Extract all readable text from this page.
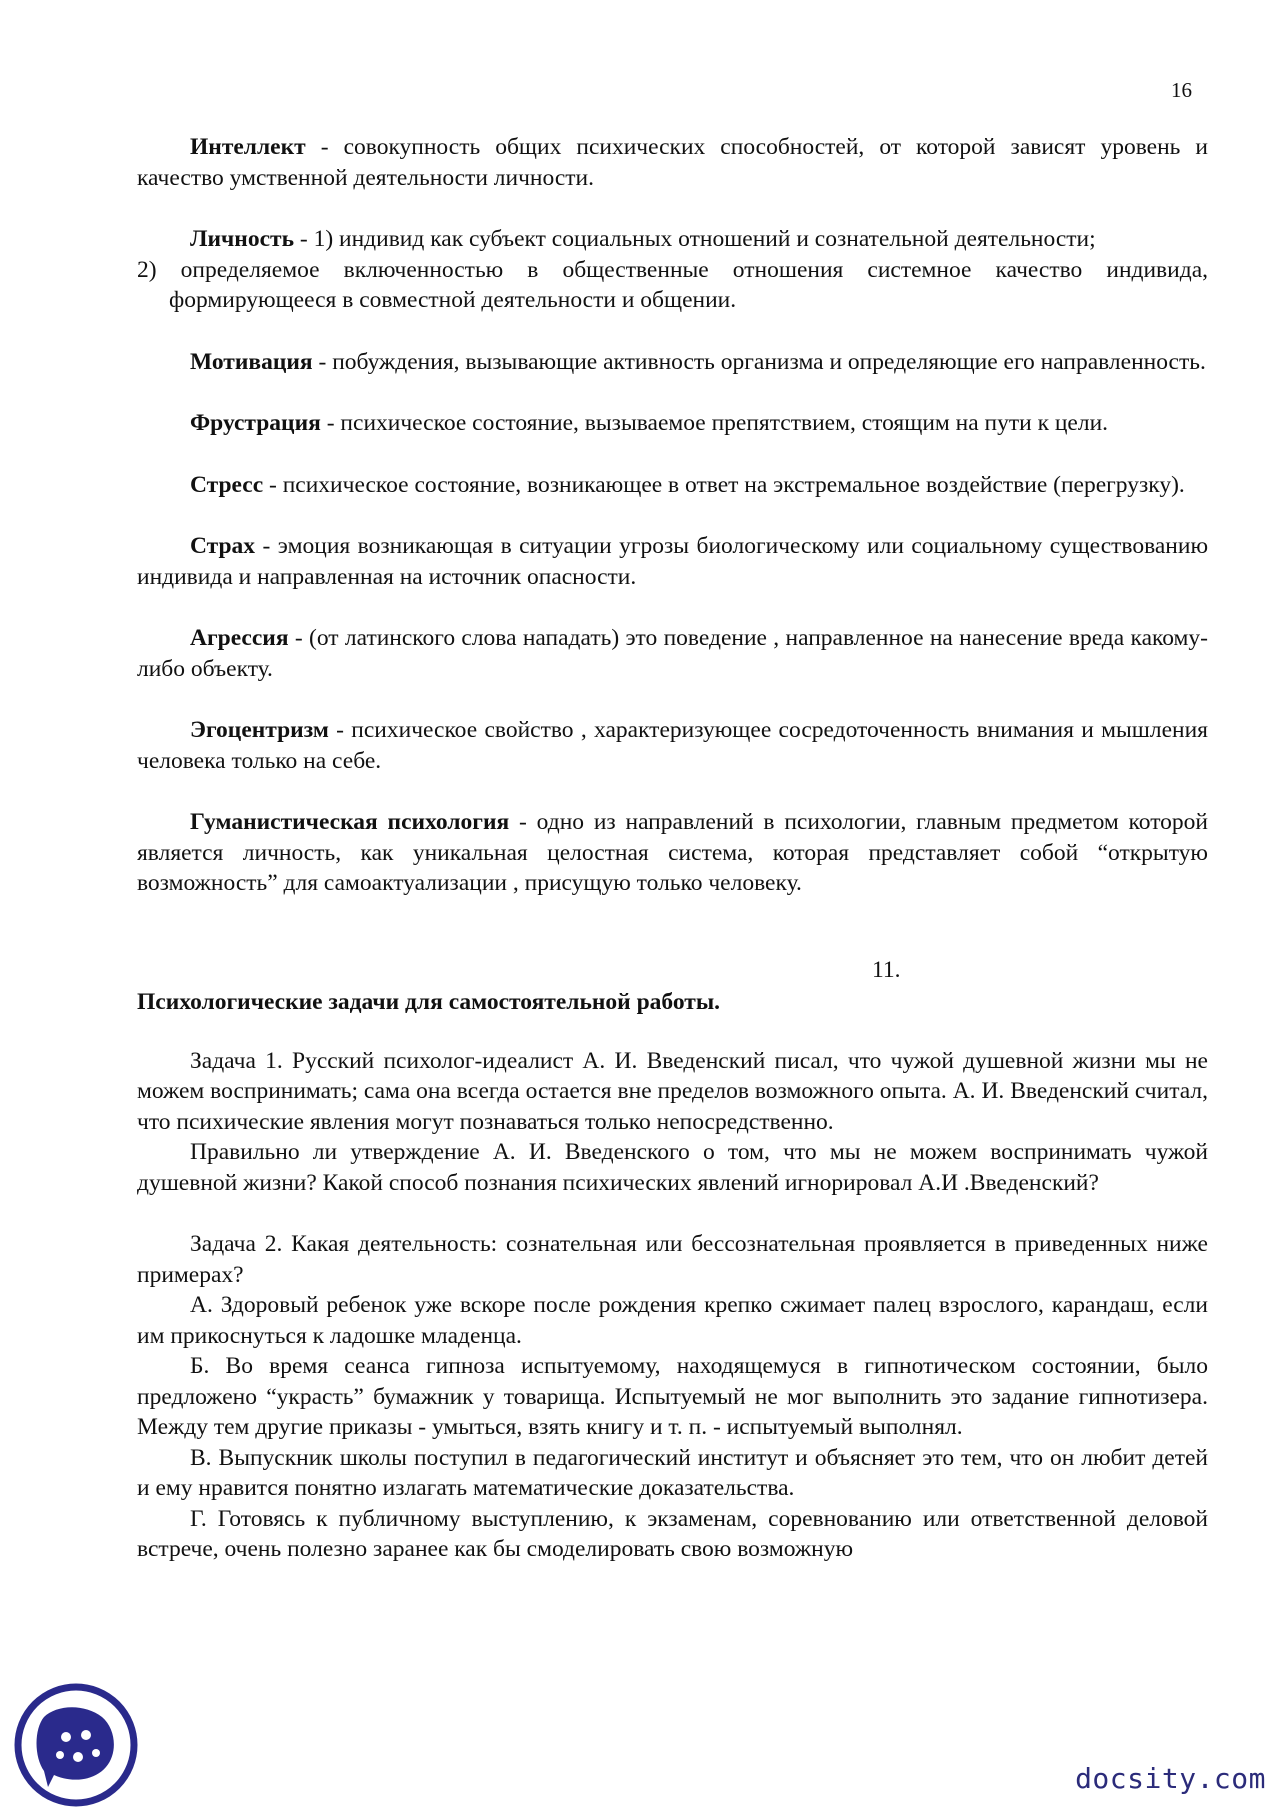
16

Интеллект - совокупность общих психических способностей, от которой зависят уровень и качество умственной деятельности личности.

Личность - 1) индивид как субъект социальных отношений и сознательной деятельности;
2) определяемое включенностью в общественные отношения системное качество индивида, формирующееся в совместной деятельности и общении.

Мотивация - побуждения, вызывающие активность организма и определяющие его направленность.

Фрустрация - психическое состояние, вызываемое препятствием, стоящим на пути к цели.

Стресс - психическое состояние, возникающее в ответ на экстремальное воздействие (перегрузку).

Страх - эмоция возникающая в ситуации угрозы биологическому или социальному существованию индивида и направленная на источник опасности.

Агрессия - (от латинского слова нападать) это поведение , направленное на нанесение вреда какому-либо объекту.

Эгоцентризм - психическое свойство , характеризующее сосредоточенность внимания и мышления человека только на себе.

Гуманистическая психология - одно из направлений в психологии, главным предметом которой является личность, как уникальная целостная система, которая представляет собой “открытую возможность” для самоактуализации , присущую только человеку.

11.
Психологические задачи для самостоятельной работы.

Задача 1. Русский психолог-идеалист А. И. Введенский писал, что чужой душевной жизни мы не можем воспринимать; сама она всегда остается вне пределов возможного опыта. А. И. Введенский считал, что психические явления могут познаваться только непосредственно.

Правильно ли утверждение А. И. Введенского о том, что мы не можем воспринимать чужой душевной жизни? Какой способ познания психических явлений игнорировал А.И .Введенский?

Задача 2. Какая деятельность: сознательная или бессознательная проявляется в приведенных ниже примерах?

А. Здоровый ребенок уже вскоре после рождения крепко сжимает палец взрослого, карандаш, если им прикоснуться к ладошке младенца.

Б. Во время сеанса гипноза испытуемому, находящемуся в гипнотическом состоянии, было предложено “украсть” бумажник у товарища. Испытуемый не мог выполнить это задание гипнотизера. Между тем другие приказы - умыться, взять книгу и т. п. - испытуемый выполнял.

В. Выпускник школы поступил в педагогический институт и объясняет это тем, что он любит детей и ему нравится понятно излагать математические доказательства.

Г. Готовясь к публичному выступлению, к экзаменам, соревнованию или ответственной деловой встрече, очень полезно заранее как бы смоделировать свою возможную

docsity.com
